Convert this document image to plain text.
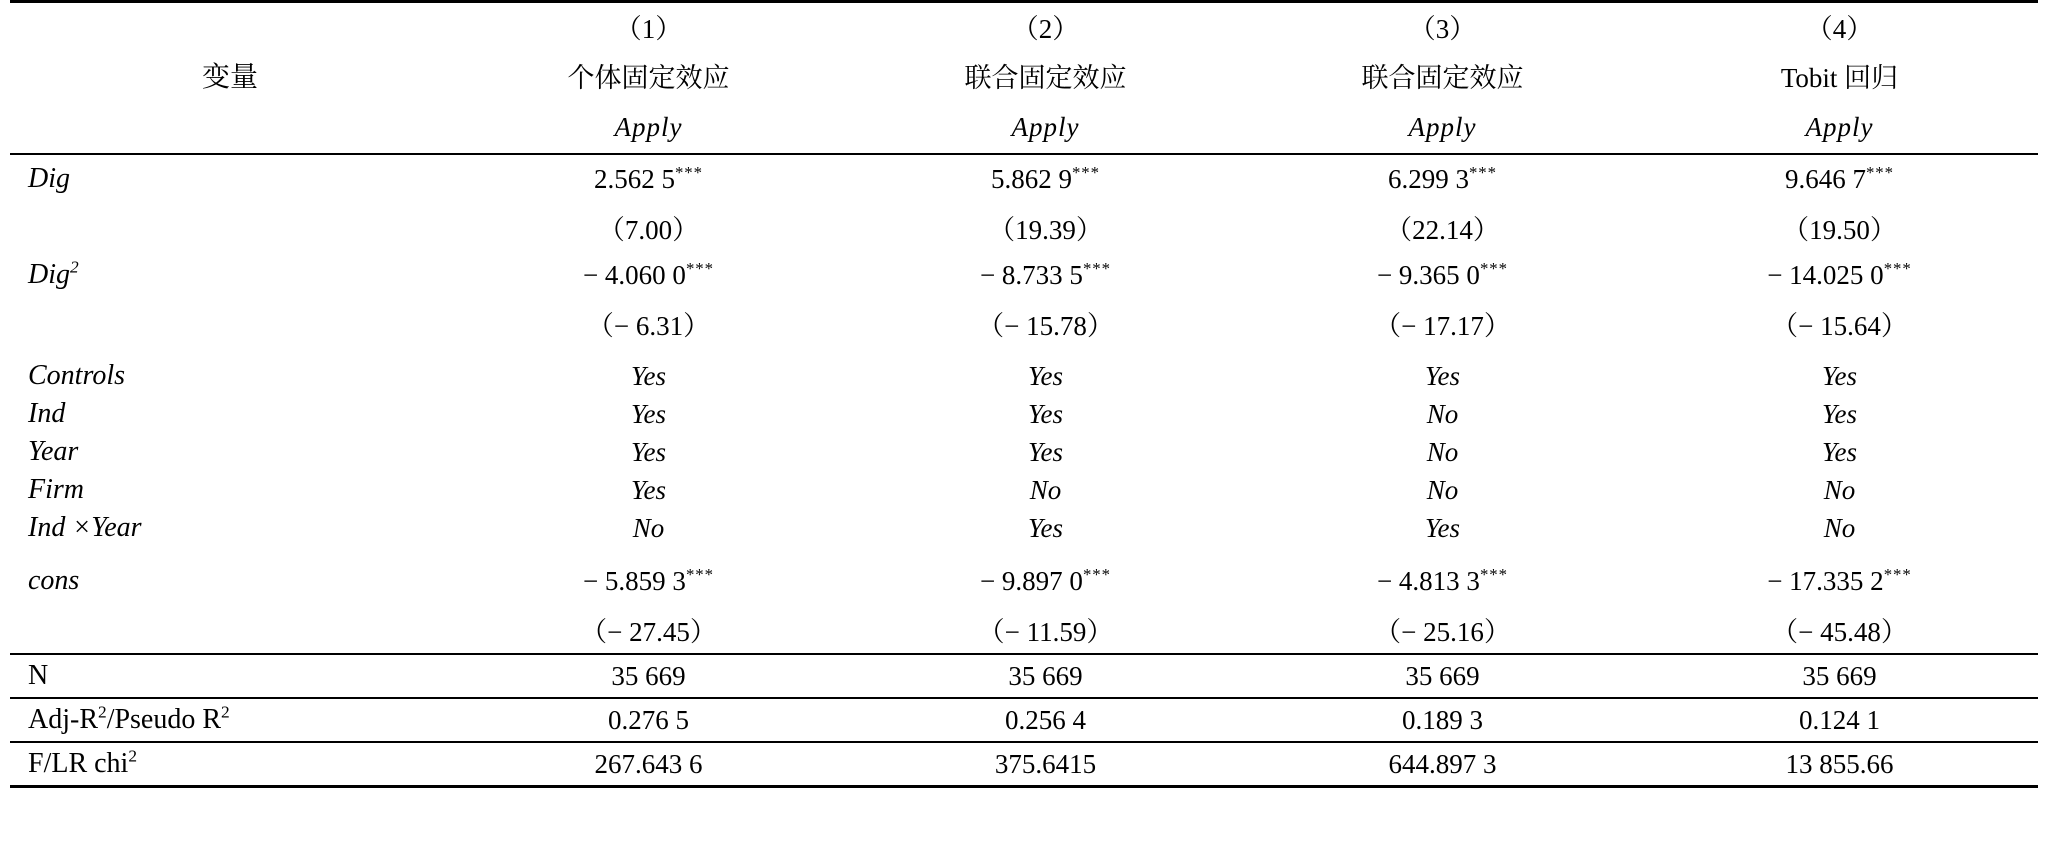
	（1）	（2）	（3）	（4）
变量	个体固定效应	联合固定效应	联合固定效应	Tobit 回归
	Apply	Apply	Apply	Apply
Dig	2.562 5***	5.862 9***	6.299 3***	9.646 7***
	（7.00）	（19.39）	（22.14）	（19.50）
Dig$^2$	− 4.060 0***	− 8.733 5***	− 9.365 0***	− 14.025 0***
	（− 6.31）	（− 15.78）	（− 17.17）	（− 15.64）

Controls	Yes	Yes	Yes	Yes
Ind	Yes	Yes	No	Yes
Year	Yes	Yes	No	Yes
Firm	Yes	No	No	No
Ind ×Year	No	Yes	Yes	No

cons	− 5.859 3***	− 9.897 0***	− 4.813 3***	− 17.335 2***
	（− 27.45）	（− 11.59）	（− 25.16）	（− 45.48）
N	35 669	35 669	35 669	35 669
Adj-$R^2$/Pseudo $R^2$	0.276 5	0.256 4	0.189 3	0.124 1
F/LR chi$^2$	267.643 6	375.6415	644.897 3	13 855.66
